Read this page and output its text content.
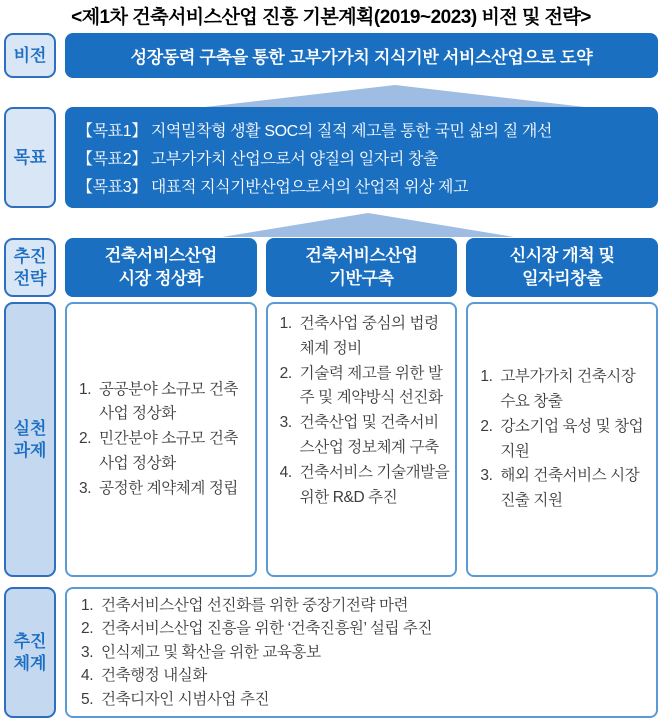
<제1차 건축서비스산업 진흥 기본계획(2019~2023) 비전 및 전략>
비전	성장동력 구축을 통한 고부가가치 지식기반 서비스산업으로 도약
목표
【목표1】 지역밀착형 생활 SOC의 질적 제고를 통한 국민 삶의 질 개선
【목표2】 고부가가치 산업으로서 양질의 일자리 창출
【목표3】 대표적 지식기반산업으로서의 산업적 위상 제고
추진
전략
건축서비스산업
시장 정상화
건축서비스산업
기반구축
신시장 개척 및
일자리창출
실천
과제
1. 공공분야 소규모 건축사업 정상화
2. 민간분야 소규모 건축사업 정상화
3. 공정한 계약체계 정립
1. 건축사업 중심의 법령체계 정비
2. 기술력 제고를 위한 발주 및 계약방식 선진화
3. 건축산업 및 건축서비스산업 정보체계 구축
4. 건축서비스 기술개발을 위한 R&D 추진
1. 고부가가치 건축시장 수요 창출
2. 강소기업 육성 및 창업지원
3. 해외 건축서비스 시장 진출 지원
추진
체계
1. 건축서비스산업 선진화를 위한 중장기전략 마련
2. 건축서비스산업 진흥을 위한 ‘건축진흥원’ 설립 추진
3. 인식제고 및 확산을 위한 교육홍보
4. 건축행정 내실화
5. 건축디자인 시범사업 추진
